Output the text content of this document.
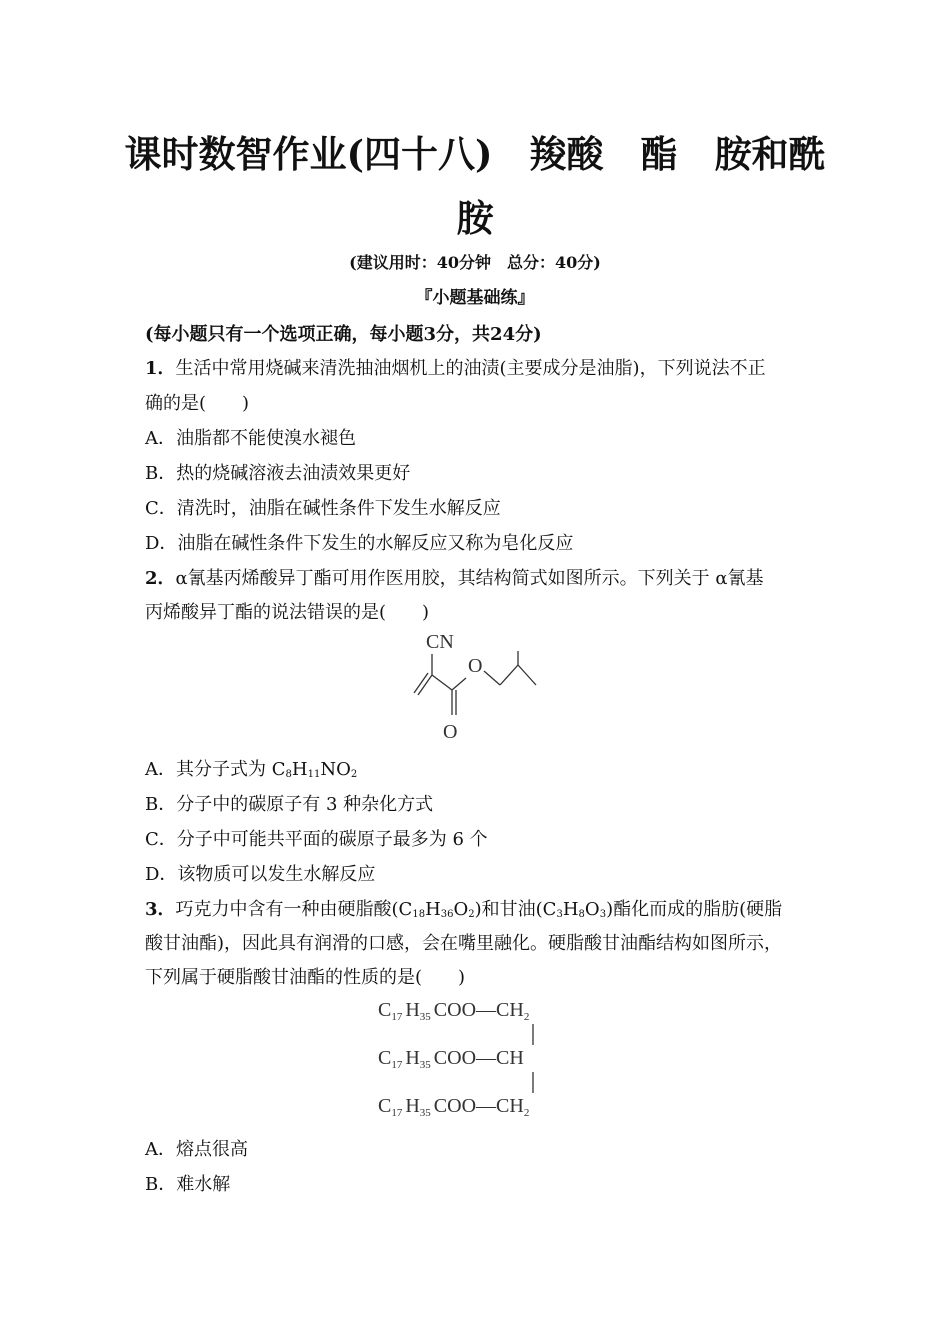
课时数智作业(四十八)　羧酸　酯　胺和酰
胺
(建议用时：40分钟　总分：40分)
『小题基础练』
(每小题只有一个选项正确，每小题3分，共24分)
1．生活中常用烧碱来清洗抽油烟机上的油渍(主要成分是油脂)，下列说法不正
确的是(　　)
A．油脂都不能使溴水褪色
B．热的烧碱溶液去油渍效果更好
C．清洗时，油脂在碱性条件下发生水解反应
D．油脂在碱性条件下发生的水解反应又称为皂化反应
2．α氰基丙烯酸异丁酯可用作医用胶，其结构简式如图所示。下列关于 α氰基
丙烯酸异丁酯的说法错误的是(　　)
CN
O
O
A．其分子式为 $C_8H_{11}NO_2$
B．分子中的碳原子有 3 种杂化方式
C．分子中可能共平面的碳原子最多为 6 个
D．该物质可以发生水解反应
3．巧克力中含有一种由硬脂酸$(C_{18}H_{36}O_2)$和甘油$(C_3H_8O_3)$酯化而成的脂肪(硬脂
酸甘油酯)，因此具有润滑的口感，会在嘴里融化。硬脂酸甘油酯结构如图所示，
下列属于硬脂酸甘油酯的性质的是(　　)
$C_{17}$ $H_{35}$ $COO—CH_2$
$C_{17}$ $H_{35}$ COO—CH
$C_{17}$ $H_{35}$ $COO—CH_2$
A．熔点很高
B．难水解
